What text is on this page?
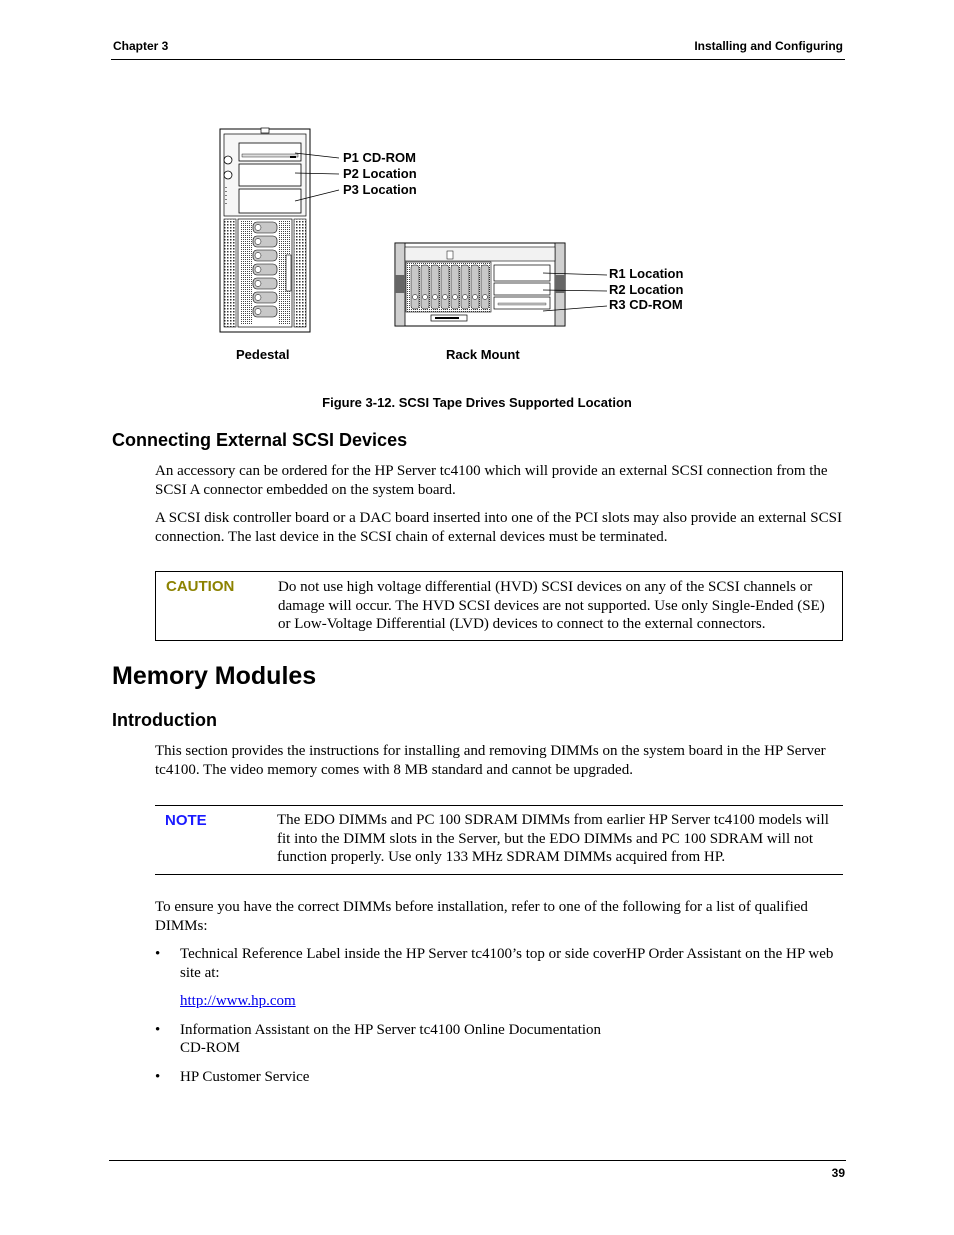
Chapter 3	Installing and Configuring
P1 CD-ROM
P2 Location
P3 Location
R1 Location
R2 Location
R3 CD-ROM
Pedestal	Rack Mount
Figure 3-12. SCSI Tape Drives Supported Location
Connecting External SCSI Devices

An accessory can be ordered for the HP Server tc4100 which will provide an external SCSI connection from the SCSI A connector embedded on the system board.

A SCSI disk controller board or a DAC board inserted into one of the PCI slots may also provide an external SCSI connection. The last device in the SCSI chain of external devices must be terminated.

CAUTION	Do not use high voltage differential (HVD) SCSI devices on any of the SCSI channels or damage will occur. The HVD SCSI devices are not supported. Use only Single-Ended (SE) or Low-Voltage Differential (LVD) devices to connect to the external connectors.
Memory Modules
Introduction

This section provides the instructions for installing and removing DIMMs on the system board in the HP Server tc4100. The video memory comes with 8 MB standard and cannot be upgraded.

NOTE	The EDO DIMMs and PC 100 SDRAM DIMMs from earlier HP Server tc4100 models will fit into the DIMM slots in the Server, but the EDO DIMMs and PC 100 SDRAM will not function properly. Use only 133 MHz SDRAM DIMMs acquired from HP.

To ensure you have the correct DIMMs before installation, refer to one of the following for a list of qualified DIMMs:

• Technical Reference Label inside the HP Server tc4100’s top or side coverHP Order Assistant on the HP web site at:
http://www.hp.com
• Information Assistant on the HP Server tc4100 Online Documentation
CD-ROM
• HP Customer Service
39
